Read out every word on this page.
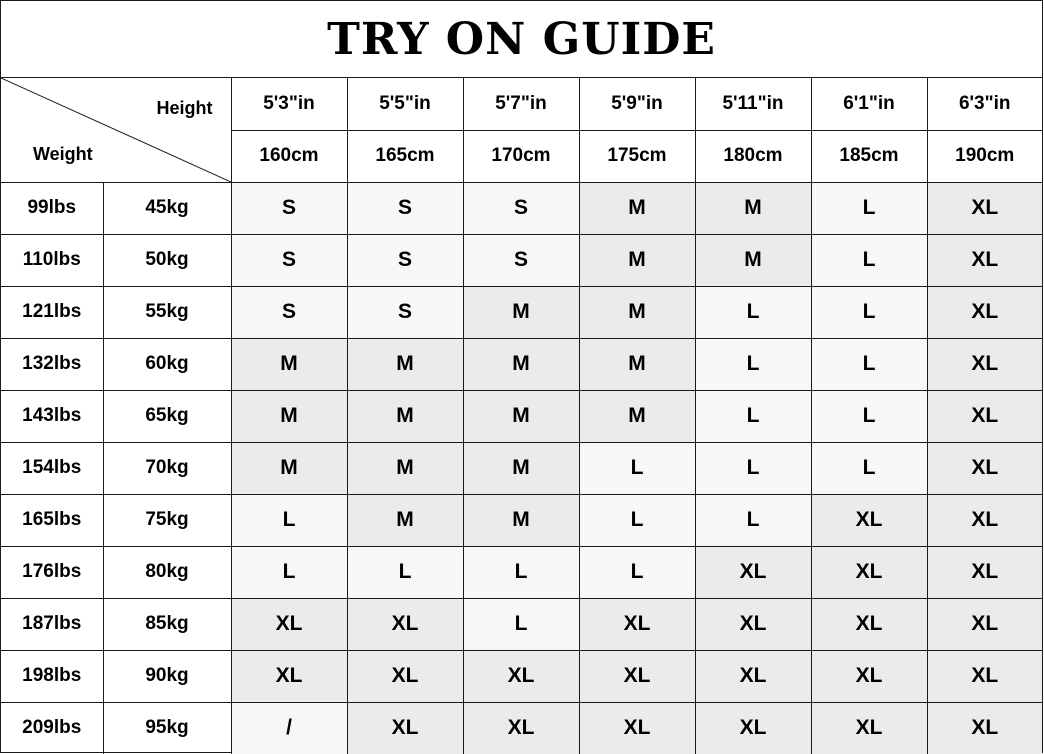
TRY ON GUIDE
Height
Weight		5'3"in	5'5"in	5'7"in	5'9"in	5'11"in	6'1"in	6'3"in
		160cm	165cm	170cm	175cm	180cm	185cm	190cm
99lbs	45kg	S	S	S	M	M	L	XL
110lbs	50kg	S	S	S	M	M	L	XL
121lbs	55kg	S	S	M	M	L	L	XL
132lbs	60kg	M	M	M	M	L	L	XL
143lbs	65kg	M	M	M	M	L	L	XL
154lbs	70kg	M	M	M	L	L	L	XL
165lbs	75kg	L	M	M	L	L	XL	XL
176lbs	80kg	L	L	L	L	XL	XL	XL
187lbs	85kg	XL	XL	L	XL	XL	XL	XL
198lbs	90kg	XL	XL	XL	XL	XL	XL	XL
209lbs	95kg	/	XL	XL	XL	XL	XL	XL
